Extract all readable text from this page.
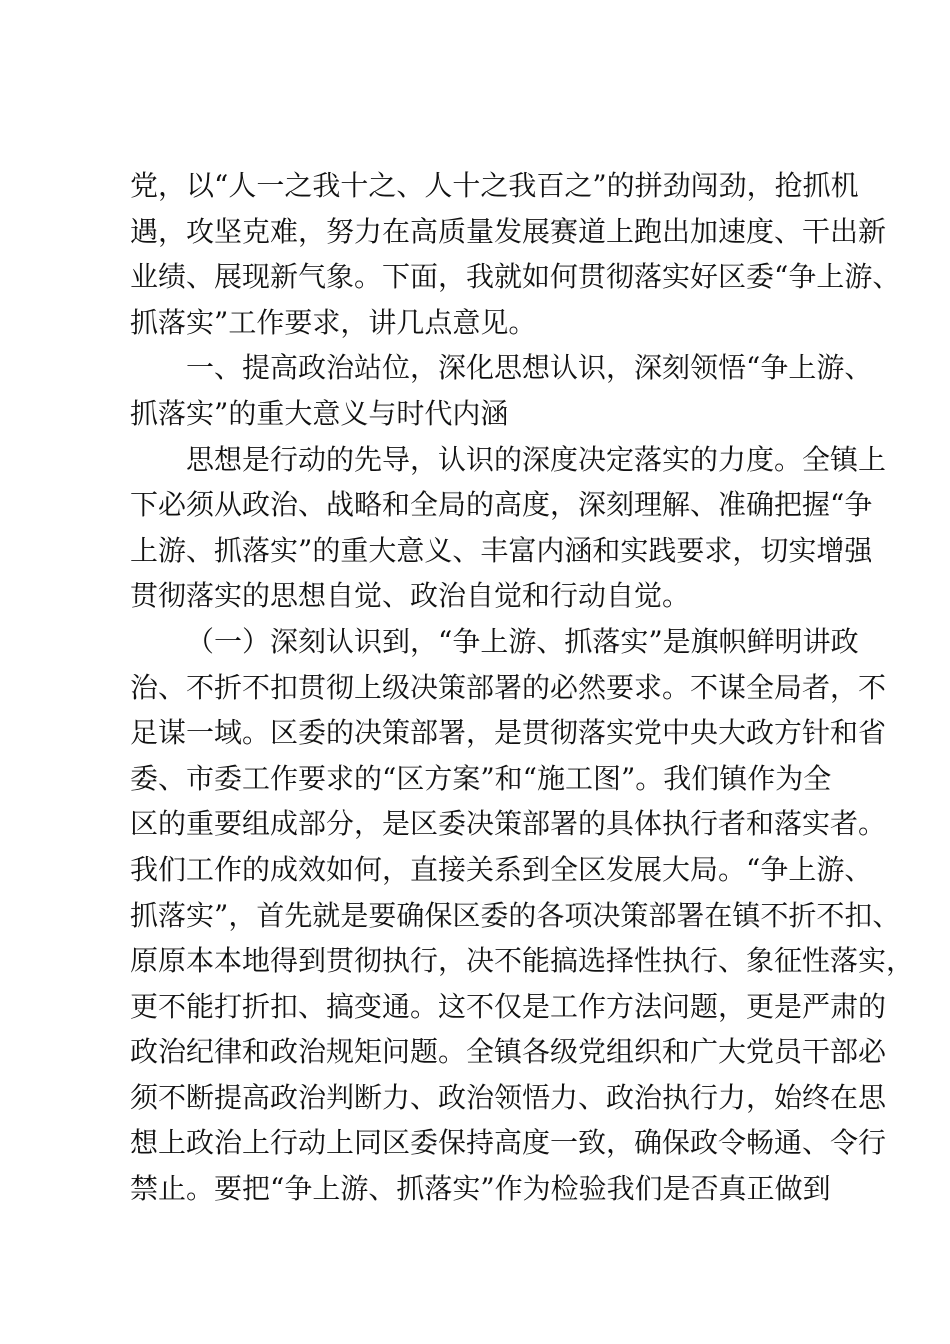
党，以“人一之我十之、人十之我百之”的拼劲闯劲，抢抓机
遇，攻坚克难，努力在高质量发展赛道上跑出加速度、干出新
业绩、展现新气象。下面，我就如何贯彻落实好区委“争上游、
抓落实”工作要求，讲几点意见。
一、提高政治站位，深化思想认识，深刻领悟“争上游、
抓落实”的重大意义与时代内涵
思想是行动的先导，认识的深度决定落实的力度。全镇上
下必须从政治、战略和全局的高度，深刻理解、准确把握“争
上游、抓落实”的重大意义、丰富内涵和实践要求，切实增强
贯彻落实的思想自觉、政治自觉和行动自觉。
（一）深刻认识到，“争上游、抓落实”是旗帜鲜明讲政
治、不折不扣贯彻上级决策部署的必然要求。不谋全局者，不
足谋一域。区委的决策部署，是贯彻落实党中央大政方针和省
委、市委工作要求的“区方案”和“施工图”。我们镇作为全
区的重要组成部分，是区委决策部署的具体执行者和落实者。
我们工作的成效如何，直接关系到全区发展大局。“争上游、
抓落实”，首先就是要确保区委的各项决策部署在镇不折不扣、
原原本本地得到贯彻执行，决不能搞选择性执行、象征性落实，
更不能打折扣、搞变通。这不仅是工作方法问题，更是严肃的
政治纪律和政治规矩问题。全镇各级党组织和广大党员干部必
须不断提高政治判断力、政治领悟力、政治执行力，始终在思
想上政治上行动上同区委保持高度一致，确保政令畅通、令行
禁止。要把“争上游、抓落实”作为检验我们是否真正做到
